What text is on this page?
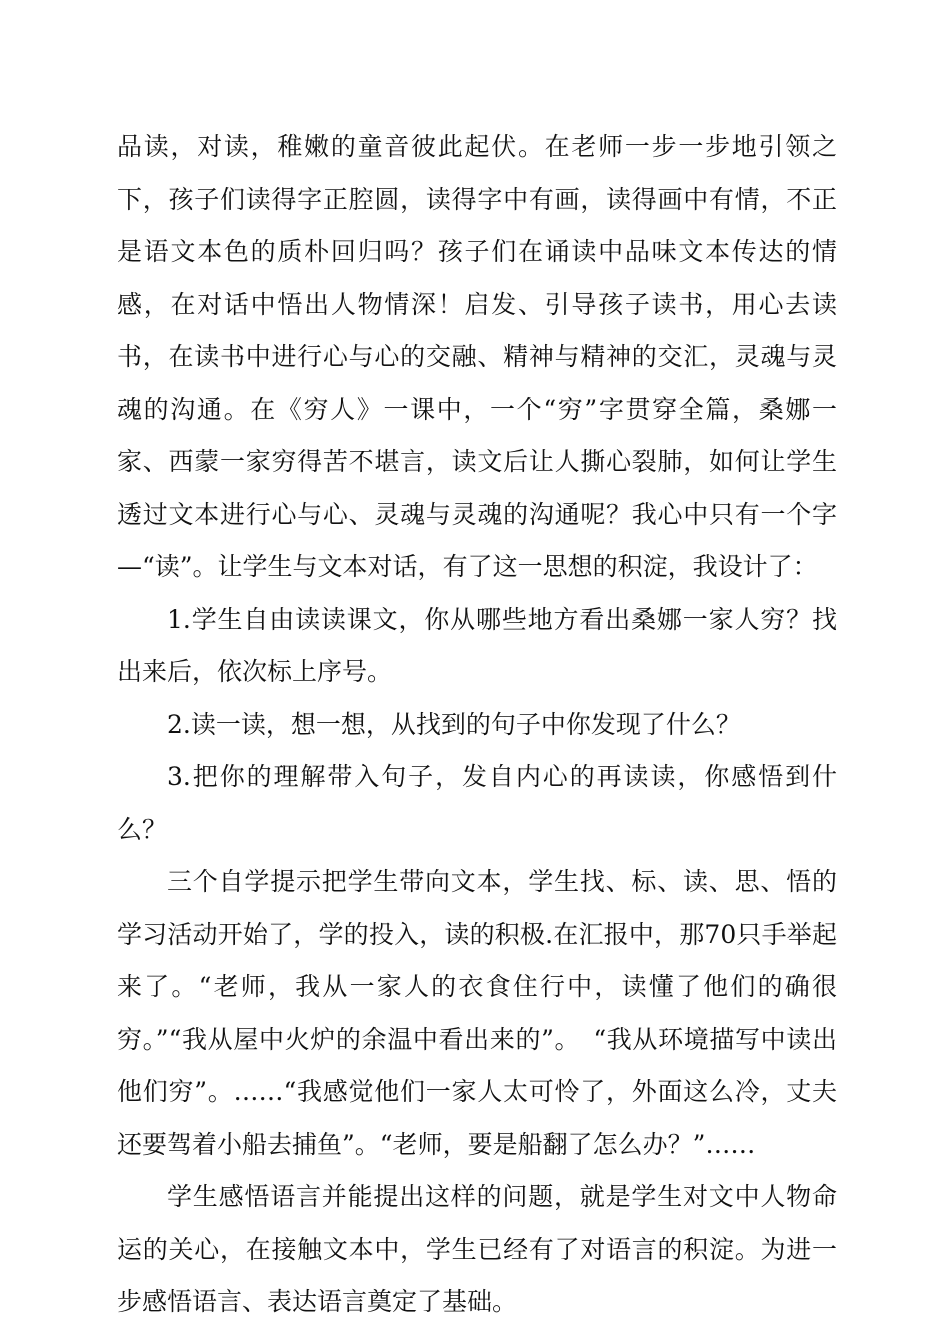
品读，对读，稚嫩的童音彼此起伏。在老师一步一步地引领之下，孩子们读得字正腔圆，读得字中有画，读得画中有情，不正是语文本色的质朴回归吗？孩子们在诵读中品味文本传达的情感，在对话中悟出人物情深！启发、引导孩子读书，用心去读书，在读书中进行心与心的交融、精神与精神的交汇，灵魂与灵魂的沟通。在《穷人》一课中，一个“穷”字贯穿全篇，桑娜一家、西蒙一家穷得苦不堪言，读文后让人撕心裂肺，如何让学生透过文本进行心与心、灵魂与灵魂的沟通呢？我心中只有一个字—“读”。让学生与文本对话，有了这一思想的积淀，我设计了：

1.学生自由读读课文，你从哪些地方看出桑娜一家人穷？找出来后，依次标上序号。

2.读一读，想一想，从找到的句子中你发现了什么？

3.把你的理解带入句子，发自内心的再读读，你感悟到什么？

三个自学提示把学生带向文本，学生找、标、读、思、悟的学习活动开始了，学的投入，读的积极.在汇报中，那70只手举起来了。“老师，我从一家人的衣食住行中，读懂了他们的确很穷。”“我从屋中火炉的余温中看出来的”。　“我从环境描写中读出他们穷”。……“我感觉他们一家人太可怜了，外面这么冷，丈夫还要驾着小船去捕鱼”。“老师，要是船翻了怎么办？”……

学生感悟语言并能提出这样的问题，就是学生对文中人物命运的关心，在接触文本中，学生已经有了对语言的积淀。为进一步感悟语言、表达语言奠定了基础。
